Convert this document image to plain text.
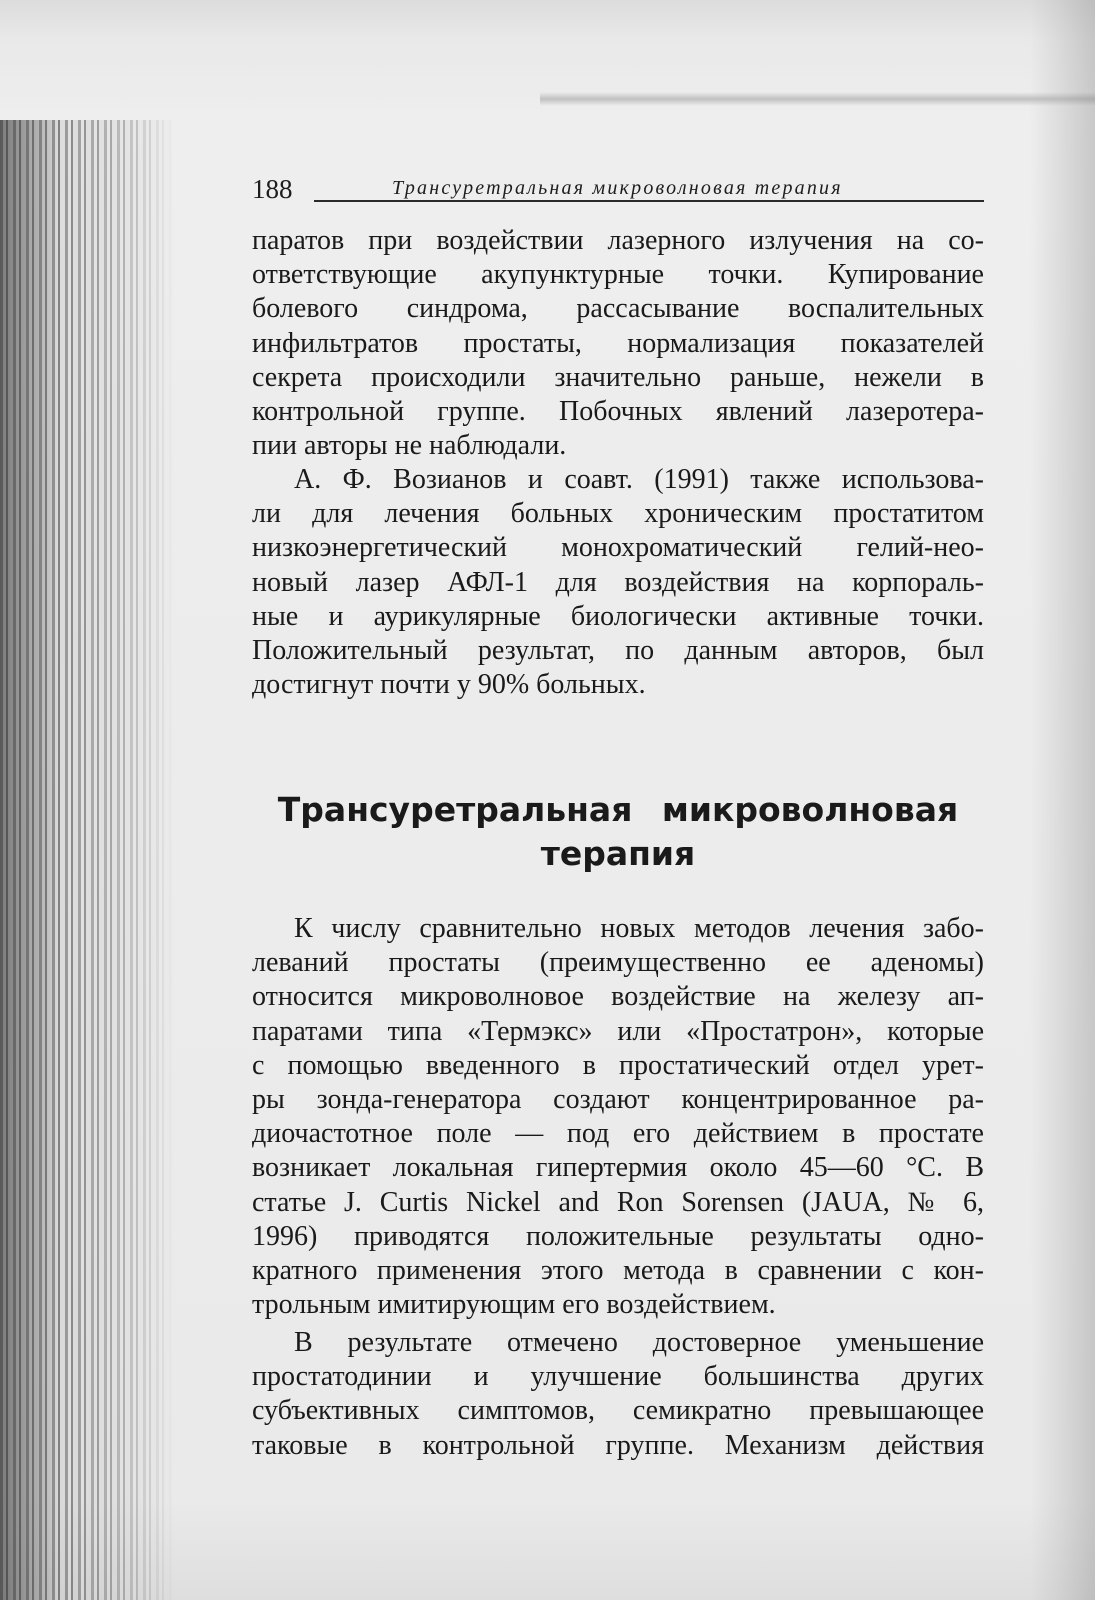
188	Трансуретральная микроволновая терапия
паратов при воздействии лазерного излучения на со-
ответствующие акупунктурные точки. Купирование
болевого синдрома, рассасывание воспалительных
инфильтратов простаты, нормализация показателей
секрета происходили значительно раньше, нежели в
контрольной группе. Побочных явлений лазеротера-
пии авторы не наблюдали.
А. Ф. Возианов и соавт. (1991) также использова-
ли для лечения больных хроническим простатитом
низкоэнергетический монохроматический гелий-нео-
новый лазер АФЛ-1 для воздействия на корпораль-
ные и аурикулярные биологически активные точки.
Положительный результат, по данным авторов, был
достигнут почти у 90% больных.
Трансуретральная микроволновая
терапия
К числу сравнительно новых методов лечения забо-
леваний простаты (преимущественно ее аденомы)
относится микроволновое воздействие на железу ап-
паратами типа «Термэкс» или «Простатрон», которые
с помощью введенного в простатический отдел урет-
ры зонда-генератора создают концентрированное ра-
диочастотное поле — под его действием в простате
возникает локальная гипертермия около 45—60 °С. В
статье J. Curtis Nickel and Ron Sorensen (JAUA, № 6,
1996) приводятся положительные результаты одно-
кратного применения этого метода в сравнении с кон-
трольным имитирующим его воздействием.
В результате отмечено достоверное уменьшение
простатодинии и улучшение большинства других
субъективных симптомов, семикратно превышающее
таковые в контрольной группе. Механизм действия
